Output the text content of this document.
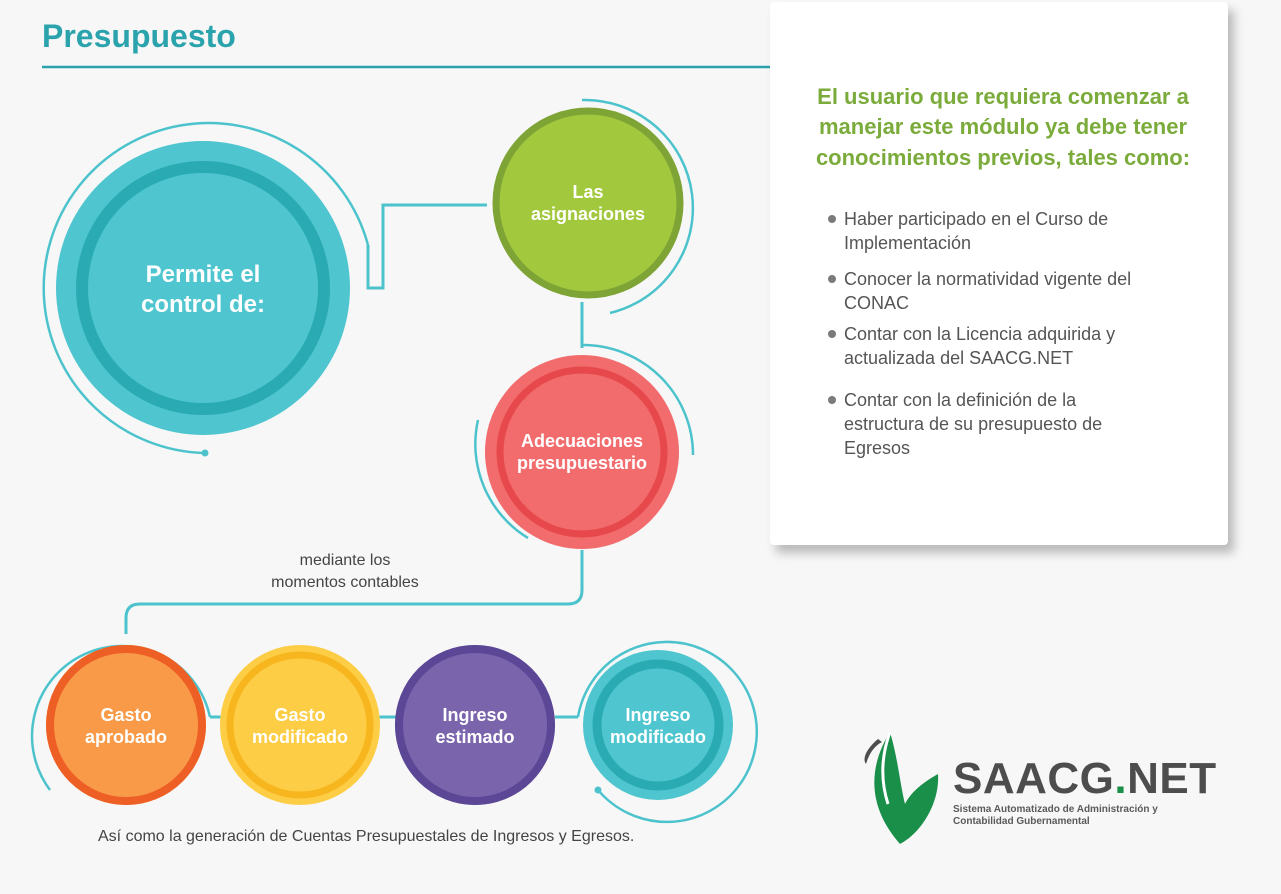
Presupuesto
Permite el
control de:
Las
asignaciones
Adecuaciones
presupuestario
Gasto
aprobado
Gasto
modificado
Ingreso
estimado
Ingreso
modificado
mediante los
momentos contables
Así como la generación de Cuentas Presupuestales de Ingresos y Egresos.
El usuario que requiera comenzar a
manejar este módulo ya debe tener
conocimientos previos, tales como:
Haber participado en el Curso de
Implementación
Conocer la normatividad vigente del
CONAC
Contar con la Licencia adquirida y
actualizada del SAACG.NET
Contar con la definición de la
estructura de su presupuesto de
Egresos
SAACG.NET
Sistema Automatizado de Administración y
Contabilidad Gubernamental
